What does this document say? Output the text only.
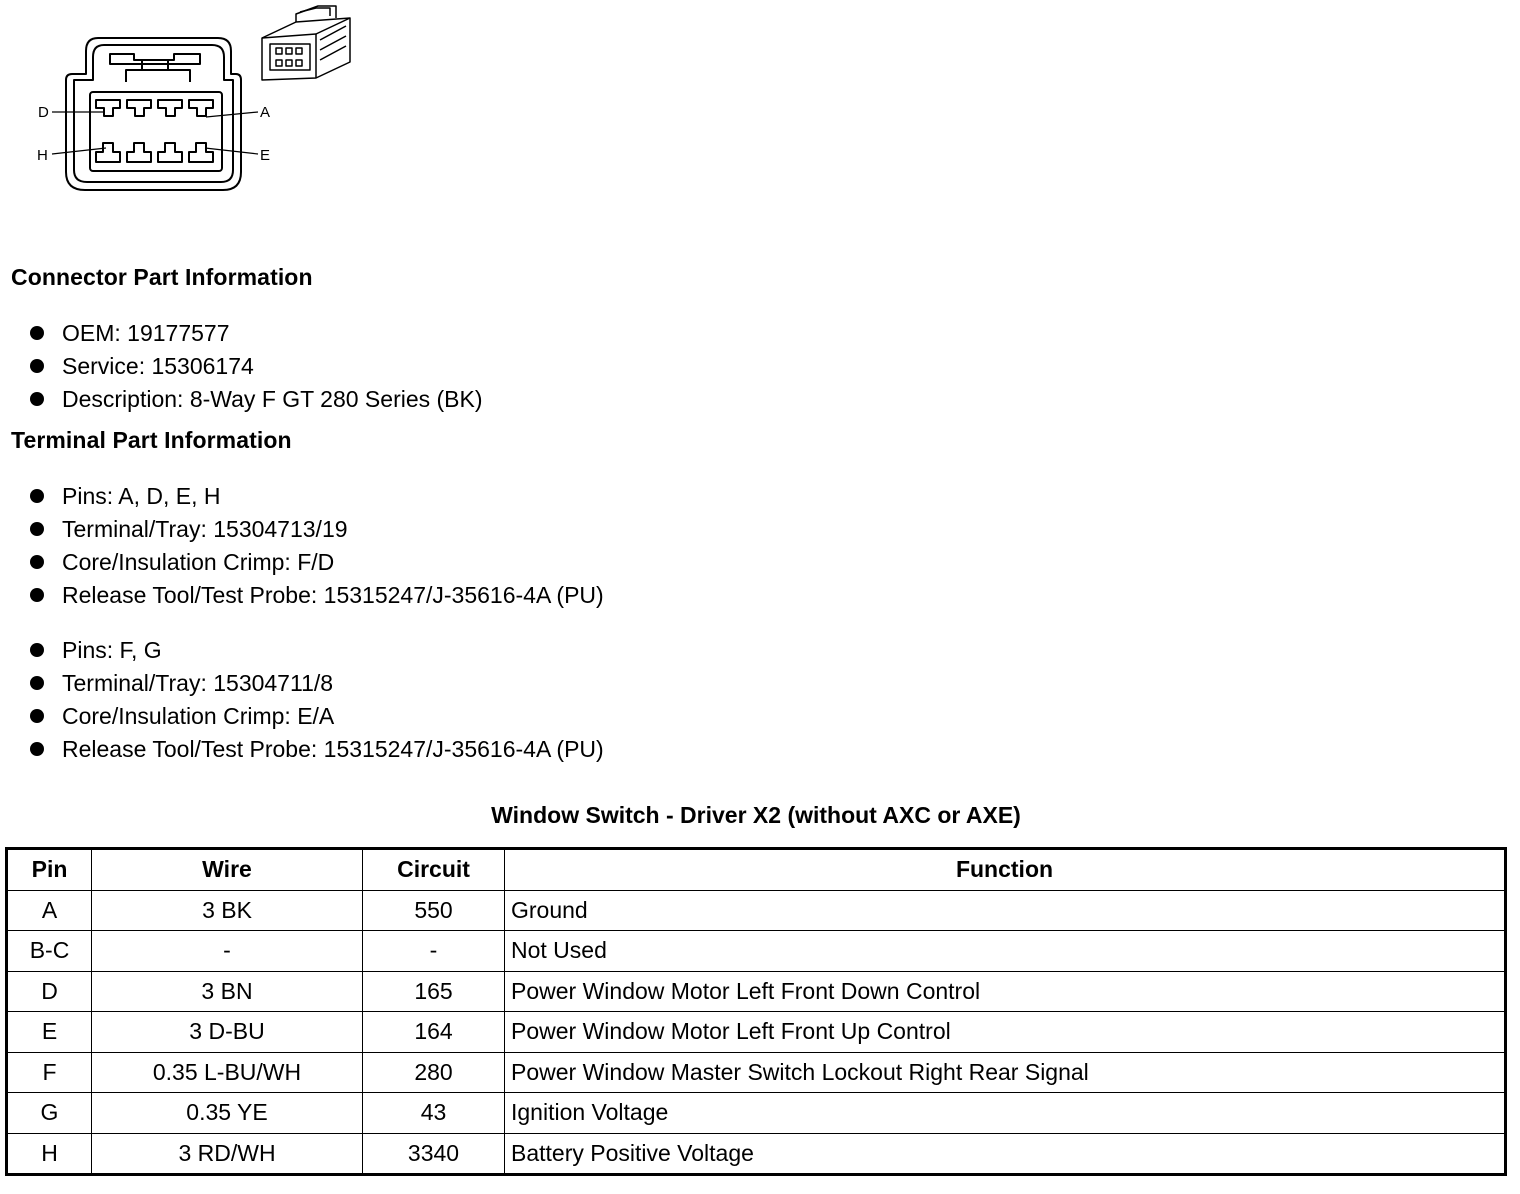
D	A
H	E
Connector Part Information
OEM: 19177577
Service: 15306174
Description: 8-Way F GT 280 Series (BK)
Terminal Part Information
Pins: A, D, E, H
Terminal/Tray: 15304713/19
Core/Insulation Crimp: F/D
Release Tool/Test Probe: 15315247/J-35616-4A (PU)
Pins: F, G
Terminal/Tray: 15304711/8
Core/Insulation Crimp: E/A
Release Tool/Test Probe: 15315247/J-35616-4A (PU)
Window Switch - Driver X2 (without AXC or AXE)
Pin	Wire	Circuit	Function
A	3 BK	550	Ground
B-C	-	-	Not Used
D	3 BN	165	Power Window Motor Left Front Down Control
E	3 D-BU	164	Power Window Motor Left Front Up Control
F	0.35 L-BU/WH	280	Power Window Master Switch Lockout Right Rear Signal
G	0.35 YE	43	Ignition Voltage
H	3 RD/WH	3340	Battery Positive Voltage
